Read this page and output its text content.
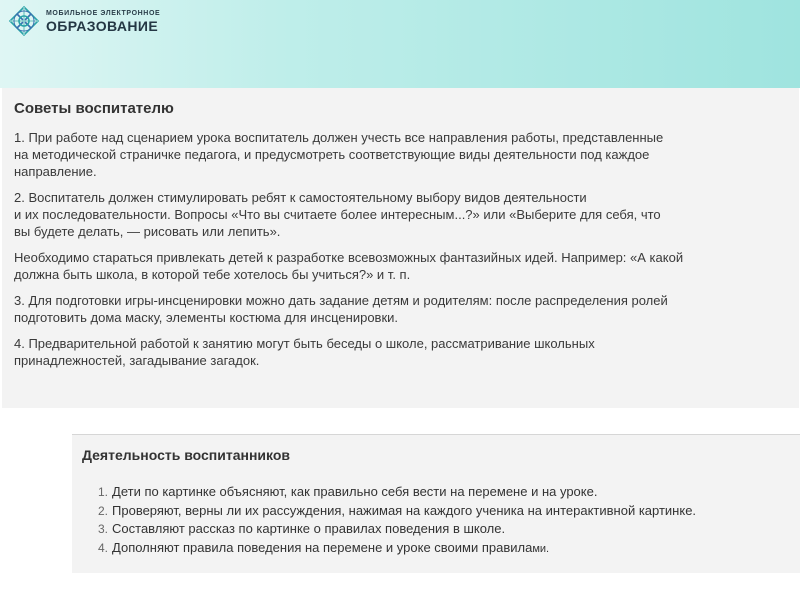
МОБИЛЬНОЕ ЭЛЕКТРОННОЕ
ОБРАЗОВАНИЕ
Советы воспитателю
1. При работе над сценарием урока воспитатель должен учесть все направления работы, представленные
на методической страничке педагога, и предусмотреть соответствующие виды деятельности под каждое
направление.
2. Воспитатель должен стимулировать ребят к самостоятельному выбору видов деятельности
и их последовательности. Вопросы «Что вы считаете более интересным...?» или «Выберите для себя, что
вы будете делать, — рисовать или лепить».
Необходимо стараться привлекать детей к разработке всевозможных фантазийных идей. Например: «А какой
должна быть школа, в которой тебе хотелось бы учиться?» и т. п.
3. Для подготовки игры-инсценировки можно дать задание детям и родителям: после распределения ролей
подготовить дома маску, элементы костюма для инсценировки.
4. Предварительной работой к занятию могут быть беседы о школе, рассматривание школьных
принадлежностей, загадывание загадок.
Деятельность воспитанников
1. Дети по картинке объясняют, как правильно себя вести на перемене и на уроке.
2. Проверяют, верны ли их рассуждения, нажимая на каждого ученика на интерактивной картинке.
3. Составляют рассказ по картинке о правилах поведения в школе.
4. Дополняют правила поведения на перемене и уроке своими правилами.
